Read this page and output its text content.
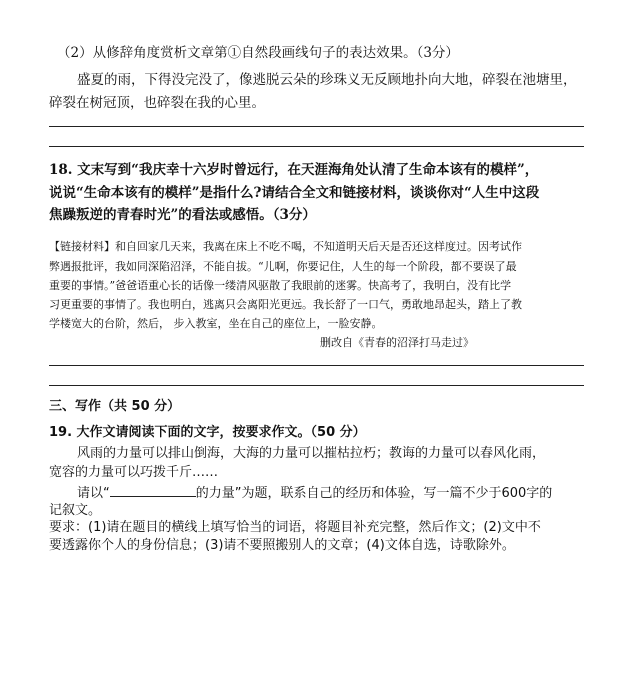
（2）从修辞角度赏析文章第①自然段画线句子的表达效果。（3分）
盛夏的雨，下得没完没了，像逃脱云朵的珍珠义无反顾地扑向大地，碎裂在池塘里，
碎裂在树冠顶，也碎裂在我的心里。
18. 文末写到“我庆幸十六岁时曾远行，在天涯海角处认清了生命本该有的模样”，
说说“生命本该有的模样”是指什么?请结合全文和链接材料，谈谈你对“人生中这段
焦躁叛逆的青春时光”的看法或感悟。（3分）
【链接材料】和自回家几天来，我离在床上不吃不喝，不知道明天后天是否还这样度过。因考试作
弊遇报批评，我如同深陷沼泽，不能自拔。“儿啊，你要记住，人生的每一个阶段，都不要误了最
重要的事情。”爸爸语重心长的话像一缕清风驱散了我眼前的迷雾。快高考了，我明白，没有比学
习更重要的事情了。我也明白，逃离只会离阳光更远。我长舒了一口气，勇敢地昂起头，踏上了教
学楼宽大的台阶，然后， 步入教室，坐在自己的座位上，一脸安静。
删改自《青春的沼泽打马走过》
三、写作（共 50 分）
19. 大作文请阅读下面的文字，按要求作文。（50 分）
风雨的力量可以排山倒海，大海的力量可以摧枯拉朽；教诲的力量可以春风化雨，
宽容的力量可以巧拨千斤……
请以“	的力量”为题，联系自己的经历和体验，写一篇不少于600字的
记叙文。
要求：(1)请在题目的横线上填写恰当的词语，将题目补充完整，然后作文；(2)文中不
要透露你个人的身份信息；(3)请不要照搬别人的文章；(4)文体自选，诗歌除外。
